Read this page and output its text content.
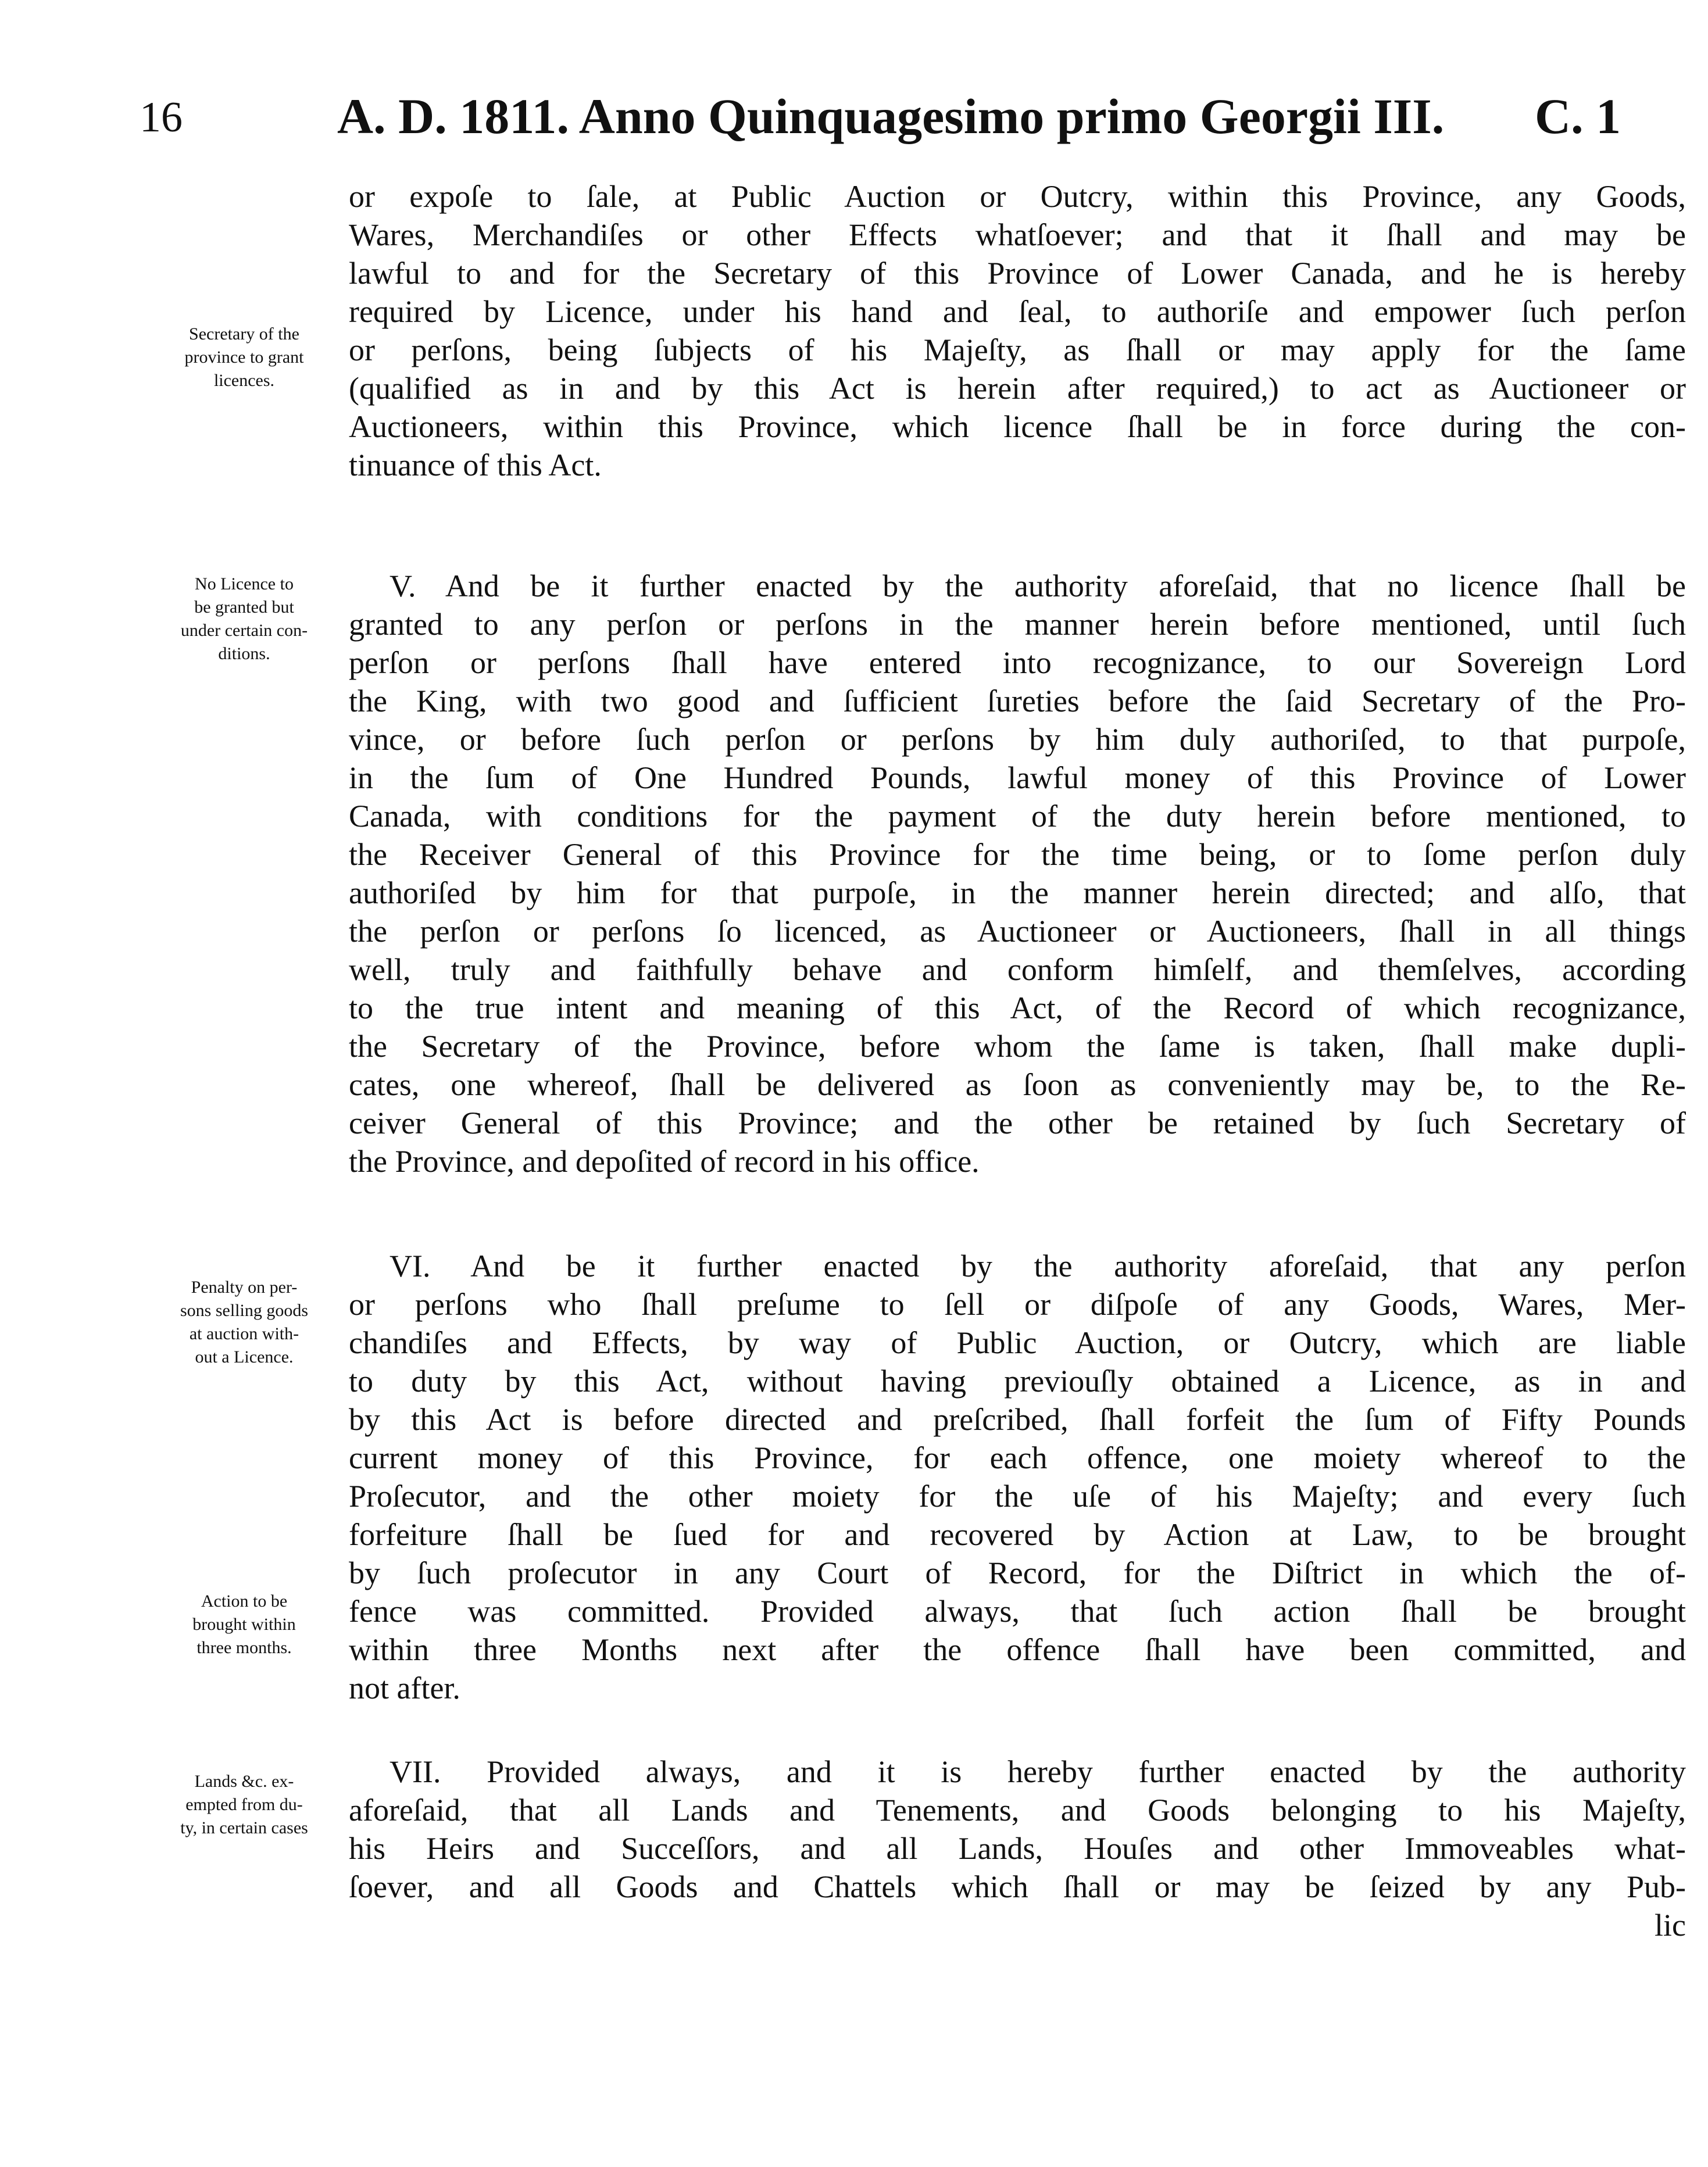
16	A. D. 1811. Anno Quinquagesimo primo Georgii III. C. 1
or expoſe to ſale, at Public Auction or Outcry, within this Province, any Goods,
Wares, Merchandiſes or other Effects whatſoever; and that it ſhall and may be
lawful to and for the Secretary of this Province of Lower Canada, and he is hereby
required by Licence, under his hand and ſeal, to authoriſe and empower ſuch perſon
or perſons, being ſubjects of his Majeſty, as ſhall or may apply for the ſame
(qualified as in and by this Act is herein after required,) to act as Auctioneer or
Auctioneers, within this Province, which licence ſhall be in force during the con-
tinuance of this Act.
V. And be it further enacted by the authority aforeſaid, that no licence ſhall be
granted to any perſon or perſons in the manner herein before mentioned, until ſuch
perſon or perſons ſhall have entered into recognizance, to our Sovereign Lord
the King, with two good and ſufficient ſureties before the ſaid Secretary of the Pro-
vince, or before ſuch perſon or perſons by him duly authoriſed, to that purpoſe,
in the ſum of One Hundred Pounds, lawful money of this Province of Lower
Canada, with conditions for the payment of the duty herein before mentioned, to
the Receiver General of this Province for the time being, or to ſome perſon duly
authoriſed by him for that purpoſe, in the manner herein directed; and alſo, that
the perſon or perſons ſo licenced, as Auctioneer or Auctioneers, ſhall in all things
well, truly and faithfully behave and conform himſelf, and themſelves, according
to the true intent and meaning of this Act, of the Record of which recognizance,
the Secretary of the Province, before whom the ſame is taken, ſhall make dupli-
cates, one whereof, ſhall be delivered as ſoon as conveniently may be, to the Re-
ceiver General of this Province; and the other be retained by ſuch Secretary of
the Province, and depoſited of record in his office.
VI. And be it further enacted by the authority aforeſaid, that any perſon
or perſons who ſhall preſume to ſell or diſpoſe of any Goods, Wares, Mer-
chandiſes and Effects, by way of Public Auction, or Outcry, which are liable
to duty by this Act, without having previouſly obtained a Licence, as in and
by this Act is before directed and preſcribed, ſhall forfeit the ſum of Fifty Pounds
current money of this Province, for each offence, one moiety whereof to the
Proſecutor, and the other moiety for the uſe of his Majeſty; and every ſuch
forfeiture ſhall be ſued for and recovered by Action at Law, to be brought
by ſuch proſecutor in any Court of Record, for the Diſtrict in which the of-
fence was committed. Provided always, that ſuch action ſhall be brought
within three Months next after the offence ſhall have been committed, and
not after.
VII. Provided always, and it is hereby further enacted by the authority
aforeſaid, that all Lands and Tenements, and Goods belonging to his Majeſty,
his Heirs and Succeſſors, and all Lands, Houſes and other Immoveables what-
ſoever, and all Goods and Chattels which ſhall or may be ſeized by any Pub-
lic
Secretary of the
province to grant
licences.
No Licence to
be granted but
under certain con-
ditions.
Penalty on per-
sons selling goods
at auction with-
out a Licence.
Action to be
brought within
three months.
Lands &c. ex-
empted from du-
ty, in certain cases
